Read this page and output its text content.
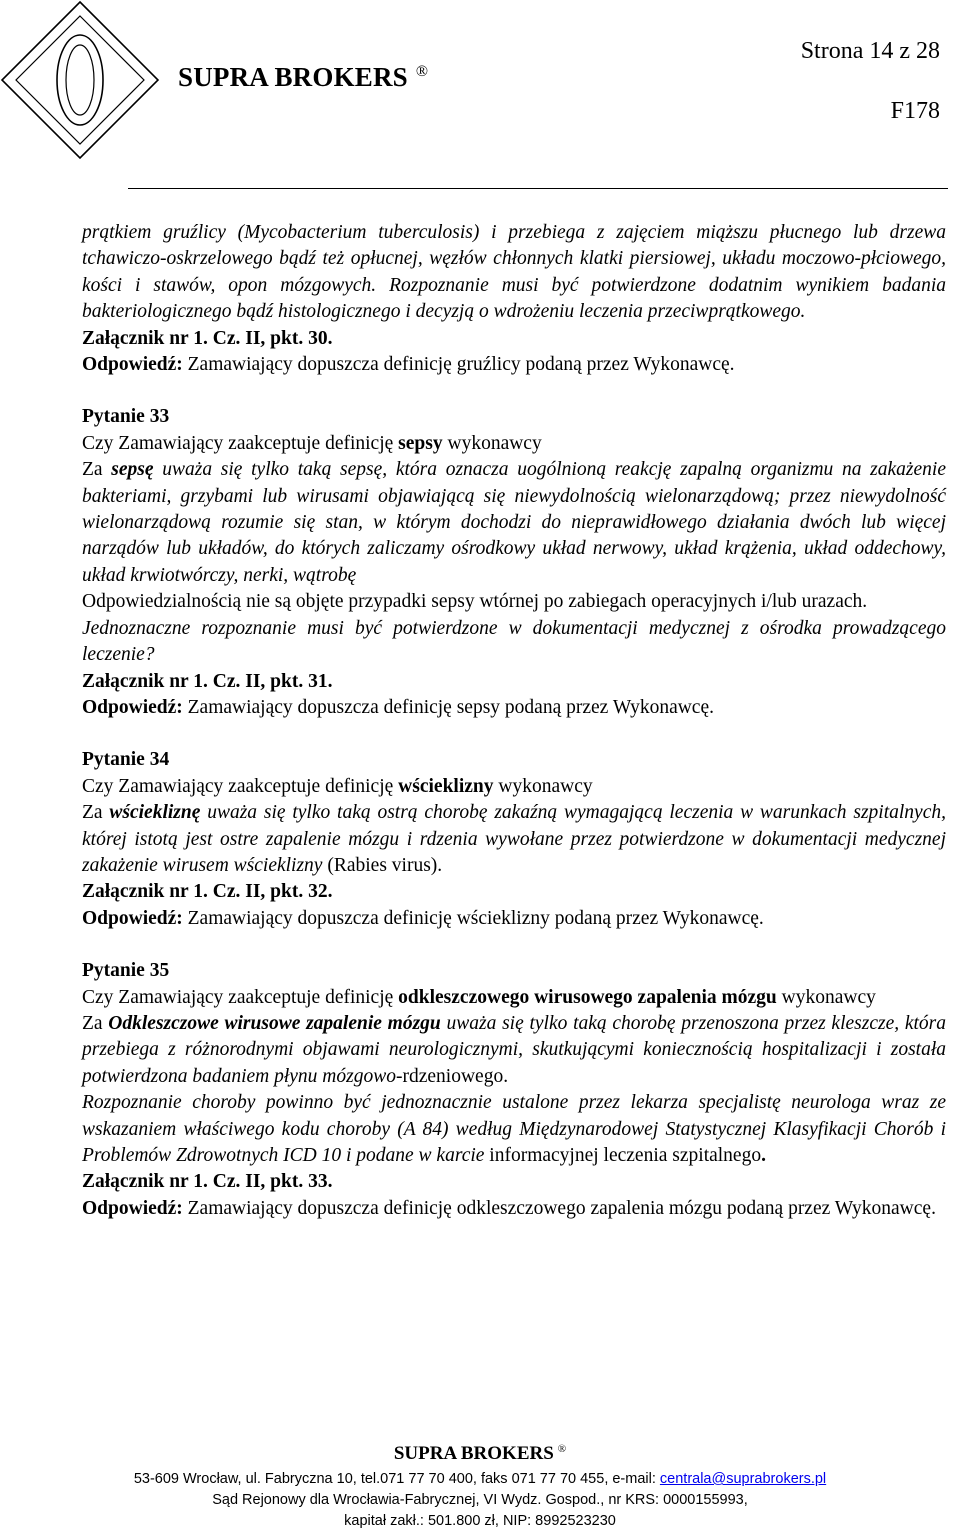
SUPRA BROKERS ®
Strona 14 z 28
F178

prątkiem gruźlicy (Mycobacterium tuberculosis) i przebiega z zajęciem miąższu płucnego lub drzewa tchawiczo-oskrzelowego bądź też opłucnej, węzłów chłonnych klatki piersiowej, układu moczowo-płciowego, kości i stawów, opon mózgowych. Rozpoznanie musi być potwierdzone dodatnim wynikiem badania bakteriologicznego bądź histologicznego i decyzją o wdrożeniu leczenia przeciwprątkowego.

Załącznik nr 1. Cz. II, pkt. 30.

Odpowiedź: Zamawiający dopuszcza definicję gruźlicy podaną przez Wykonawcę.

Pytanie 33

Czy Zamawiający zaakceptuje definicję sepsy wykonawcy

Za sepsę uważa się tylko taką sepsę, która oznacza uogólnioną reakcję zapalną organizmu na zakażenie bakteriami, grzybami lub wirusami objawiającą się niewydolnością wielonarządową; przez niewydolność wielonarządową rozumie się stan, w którym dochodzi do nieprawidłowego działania dwóch lub więcej narządów lub układów, do których zaliczamy ośrodkowy układ nerwowy, układ krążenia, układ oddechowy, układ krwiotwórczy, nerki, wątrobę

Odpowiedzialnością nie są objęte przypadki sepsy wtórnej po zabiegach operacyjnych i/lub urazach.

Jednoznaczne rozpoznanie musi być potwierdzone w dokumentacji medycznej z ośrodka prowadzącego leczenie?

Załącznik nr 1. Cz. II, pkt. 31.

Odpowiedź: Zamawiający dopuszcza definicję sepsy podaną przez Wykonawcę.

Pytanie 34

Czy Zamawiający zaakceptuje definicję wścieklizny wykonawcy

Za wściekliznę uważa się tylko taką ostrą chorobę zakaźną wymagającą leczenia w warunkach szpitalnych, której istotą jest ostre zapalenie mózgu i rdzenia wywołane przez potwierdzone w dokumentacji medycznej zakażenie wirusem wścieklizny (Rabies virus).

Załącznik nr 1. Cz. II, pkt. 32.

Odpowiedź: Zamawiający dopuszcza definicję wścieklizny podaną przez Wykonawcę.

Pytanie 35

Czy Zamawiający zaakceptuje definicję odkleszczowego wirusowego zapalenia mózgu wykonawcy

Za Odkleszczowe wirusowe zapalenie mózgu uważa się tylko taką chorobę przenoszona przez kleszcze, która przebiega z różnorodnymi objawami neurologicznymi, skutkującymi koniecznością hospitalizacji i została potwierdzona badaniem płynu mózgowo-rdzeniowego.

Rozpoznanie choroby powinno być jednoznacznie ustalone przez lekarza specjalistę neurologa wraz ze wskazaniem właściwego kodu choroby (A 84) według Międzynarodowej Statystycznej Klasyfikacji Chorób i Problemów Zdrowotnych ICD 10 i podane w karcie informacyjnej leczenia szpitalnego.

Załącznik nr 1. Cz. II, pkt. 33.

Odpowiedź: Zamawiający dopuszcza definicję odkleszczowego zapalenia mózgu podaną przez Wykonawcę.

SUPRA BROKERS ®
53-609 Wrocław, ul. Fabryczna 10, tel.071 77 70 400, faks 071 77 70 455, e-mail: centrala@suprabrokers.pl
Sąd Rejonowy dla Wrocławia-Fabrycznej, VI Wydz. Gospod., nr KRS: 0000155993,
kapitał zakł.: 501.800 zł, NIP: 8992523230
